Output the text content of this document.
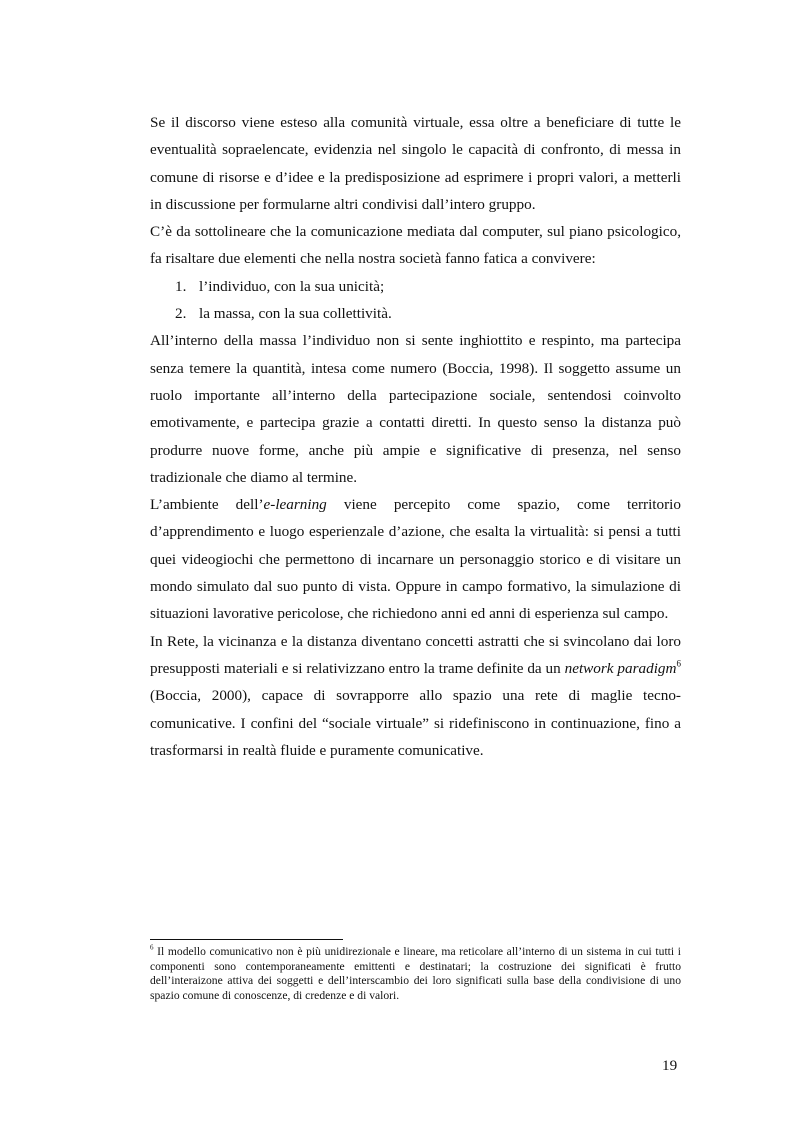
Se il discorso viene esteso alla comunità virtuale, essa oltre a beneficiare di tutte le eventualità sopraelencate, evidenzia nel singolo le capacità di confronto, di messa in comune di risorse e d’idee e la predisposizione ad esprimere i propri valori, a metterli in discussione per formularne altri condivisi dall’intero gruppo.

C’è da sottolineare che la comunicazione mediata dal computer, sul piano psicologico, fa risaltare due elementi che nella nostra società fanno fatica a convivere:

1. l’individuo, con la sua unicità;
2. la massa, con la sua collettività.

All’interno della massa l’individuo non si sente inghiottito e respinto, ma partecipa senza temere la quantità, intesa come numero (Boccia, 1998). Il soggetto assume un ruolo importante all’interno della partecipazione sociale, sentendosi coinvolto emotivamente, e partecipa grazie a contatti diretti. In questo senso la distanza può produrre nuove forme, anche più ampie e significative di presenza, nel senso tradizionale che diamo al termine.

L’ambiente dell’e-learning viene percepito come spazio, come territorio d’apprendimento e luogo esperienzale d’azione, che esalta la virtualità: si pensi a tutti quei videogiochi che permettono di incarnare un personaggio storico e di visitare un mondo simulato dal suo punto di vista. Oppure in campo formativo, la simulazione di situazioni lavorative pericolose, che richiedono anni ed anni di esperienza sul campo.

In Rete, la vicinanza e la distanza diventano concetti astratti che si svincolano dai loro presupposti materiali e si relativizzano entro la trame definite da un network paradigm$^6$ (Boccia, 2000), capace di sovrapporre allo spazio una rete di maglie tecno-comunicative. I confini del “sociale virtuale” si ridefiniscono in continuazione, fino a trasformarsi in realtà fluide e puramente comunicative.

$^6$ Il modello comunicativo non è più unidirezionale e lineare, ma reticolare all’interno di un sistema in cui tutti i componenti sono contemporaneamente emittenti e destinatari; la costruzione dei significati è frutto dell’interaizone attiva dei soggetti e dell’interscambio dei loro significati sulla base della condivisione di uno spazio comune di conoscenze, di credenze e di valori.

19
